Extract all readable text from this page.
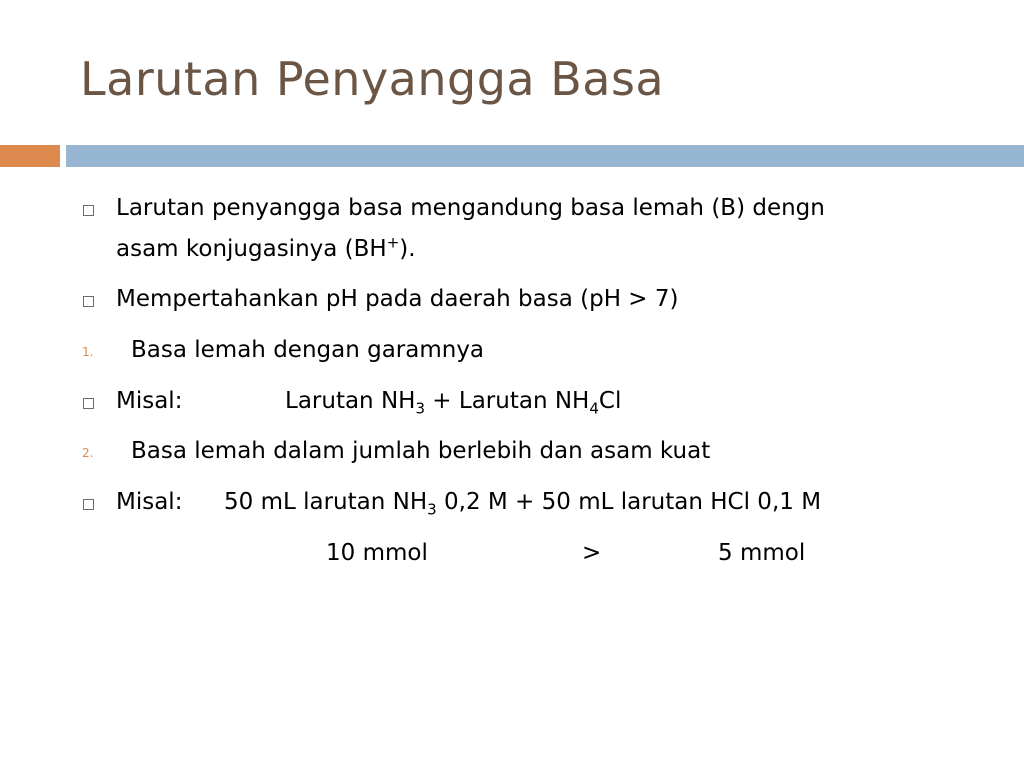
Larutan Penyangga Basa
Larutan penyangga basa mengandung basa lemah (B) dengn
asam konjugasinya (BH+).
Mempertahankan pH pada daerah basa (pH > 7)
1. Basa lemah dengan garamnya
Misal:	Larutan $NH_3$ + Larutan $NH_4Cl$
2. Basa lemah dalam jumlah berlebih dan asam kuat
Misal: 50 mL larutan $NH_3$ 0,2 M + 50 mL larutan HCl 0,1 M
10 mmol	>	5 mmol
